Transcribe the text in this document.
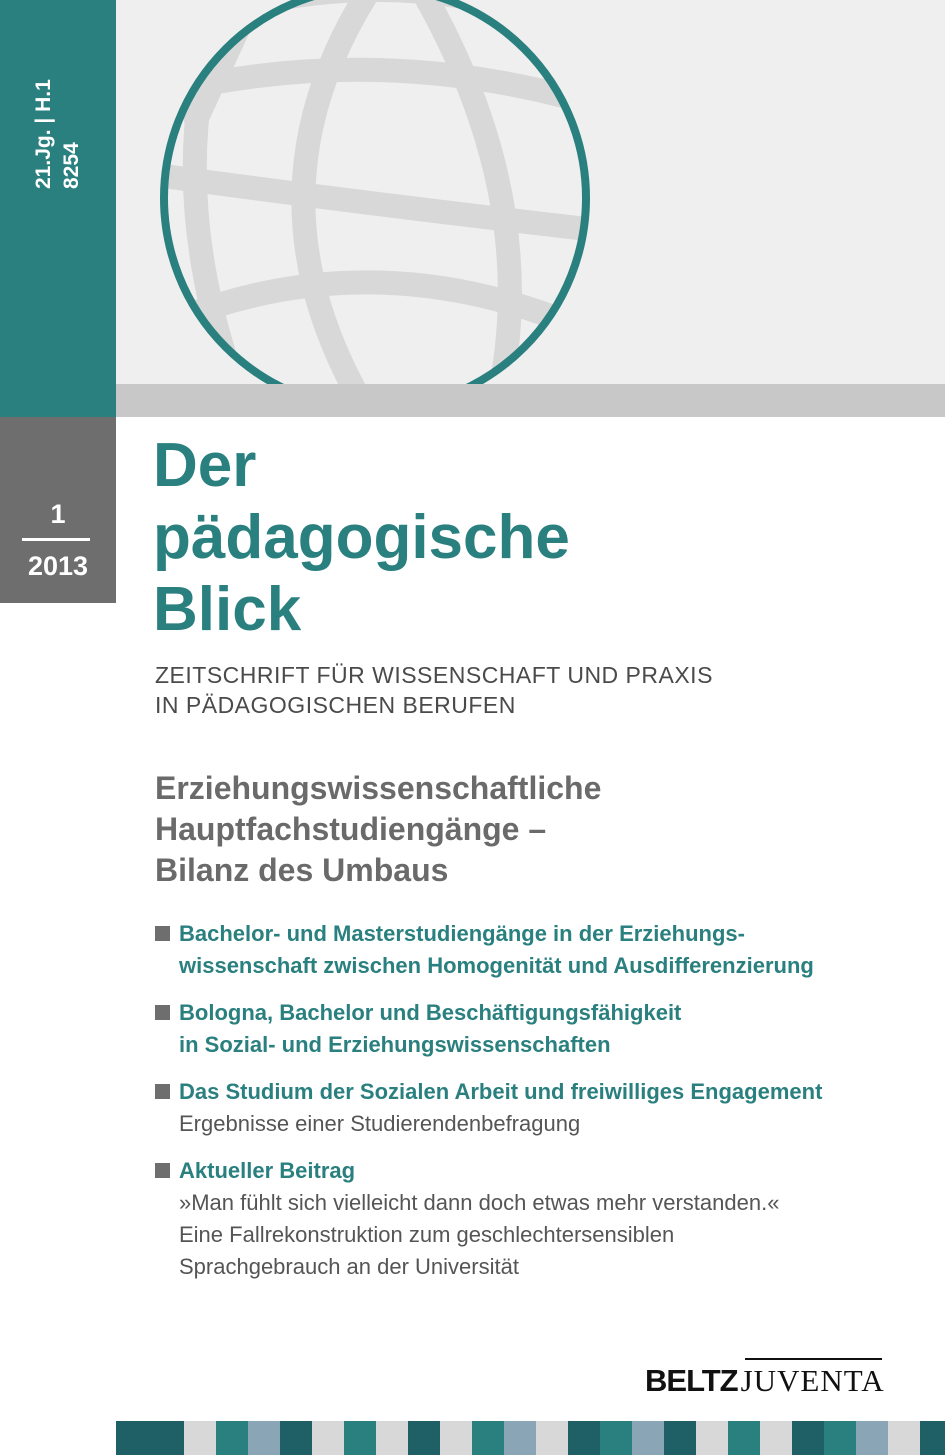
21.Jg. | H.1 8254
1
2013
Der
pädagogische
Blick
ZEITSCHRIFT FÜR WISSENSCHAFT UND PRAXIS
IN PÄDAGOGISCHEN BERUFEN
Erziehungswissenschaftliche
Hauptfachstudiengänge –
Bilanz des Umbaus
Bachelor- und Masterstudiengänge in der Erziehungs-
wissenschaft zwischen Homogenität und Ausdifferenzierung
Bologna, Bachelor und Beschäftigungsfähigkeit
in Sozial- und Erziehungswissenschaften
Das Studium der Sozialen Arbeit und freiwilliges Engagement
Ergebnisse einer Studierendenbefragung
Aktueller Beitrag
»Man fühlt sich vielleicht dann doch etwas mehr verstanden.«
Eine Fallrekonstruktion zum geschlechtersensiblen
Sprachgebrauch an der Universität
BELTZ JUVENTA
